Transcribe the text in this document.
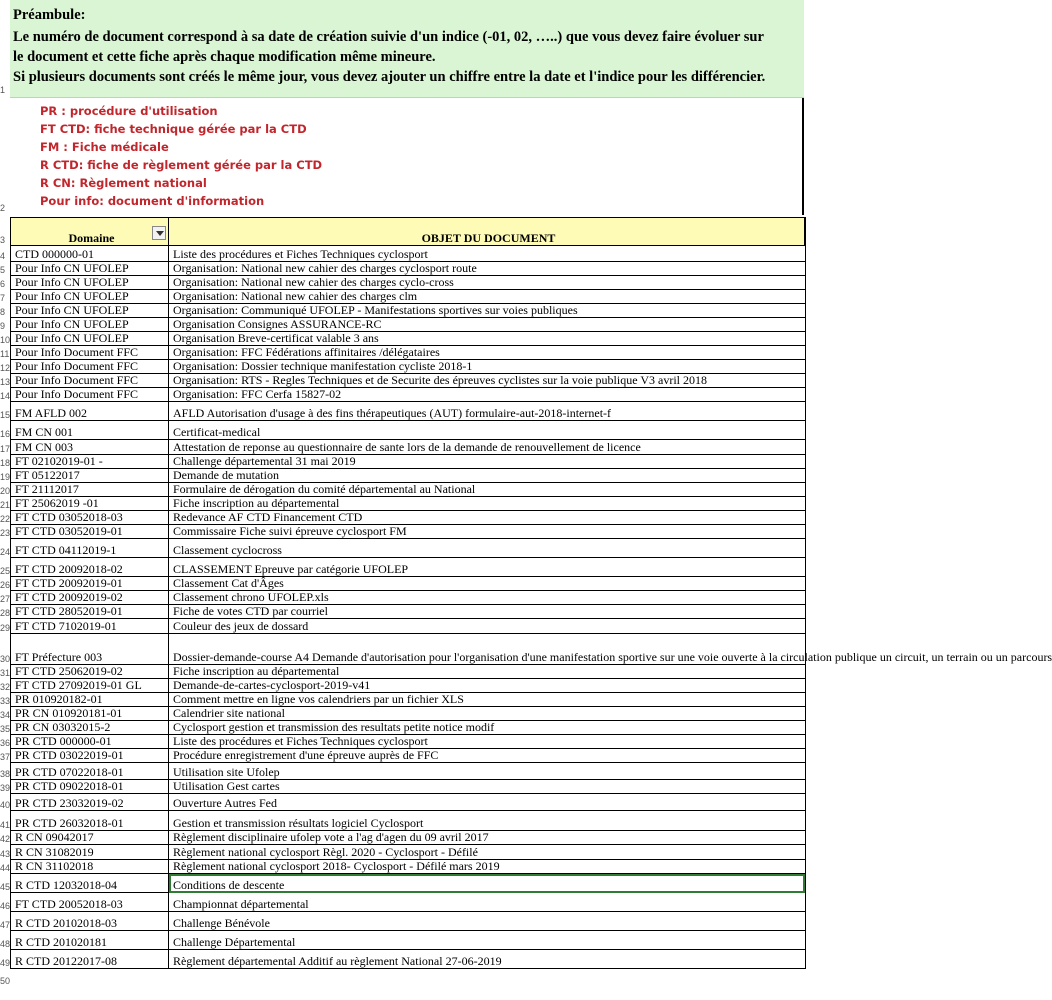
Préambule:
Le numéro de document correspond à sa date de création suivie d'un indice (-01, 02, …..) que vous devez faire évoluer sur
le document et cette fiche après chaque modification même mineure.
Si plusieurs documents sont créés le même jour, vous devez ajouter un chiffre entre la date et l'indice pour les différencier.
PR : procédure d'utilisation
FT CTD: fiche technique gérée par la CTD
FM : Fiche médicale
R CTD: fiche de règlement gérée par la CTD
R CN: Règlement national
Pour info: document d'information
Domaine	OBJET DU DOCUMENT
CTD 000000-01	Liste des procédures et Fiches Techniques cyclosport
Pour Info CN UFOLEP	Organisation: National new cahier des charges cyclosport route
Pour Info CN UFOLEP	Organisation: National new cahier des charges cyclo-cross
Pour Info CN UFOLEP	Organisation: National new cahier des charges clm
Pour Info CN UFOLEP	Organisation: Communiqué UFOLEP - Manifestations sportives sur voies publiques
Pour Info CN UFOLEP	Organisation Consignes ASSURANCE-RC
Pour Info CN UFOLEP	Organisation Breve-certificat valable 3 ans
Pour Info Document FFC	Organisation: FFC Fédérations affinitaires /délégataires
Pour Info Document FFC	Organisation: Dossier technique manifestation cycliste 2018-1
Pour Info Document FFC	Organisation: RTS - Regles Techniques et de Securite des épreuves cyclistes sur la voie publique V3 avril 2018
Pour Info Document FFC	Organisation: FFC Cerfa 15827-02
FM AFLD 002	AFLD Autorisation d'usage à des fins thérapeutiques (AUT) formulaire-aut-2018-internet-f
FM CN 001	Certificat-medical
FM CN 003	Attestation de reponse au questionnaire de sante lors de la demande de renouvellement de licence
FT 02102019-01 -	Challenge départemental 31 mai 2019
FT 05122017	Demande de mutation
FT 21112017	Formulaire de dérogation du comité départemental au National
FT 25062019 -01	Fiche inscription au départemental
FT CTD 03052018-03	Redevance AF CTD Financement CTD
FT CTD 03052019-01	Commissaire Fiche suivi épreuve cyclosport FM
FT CTD 04112019-1	Classement cyclocross
FT CTD 20092018-02	CLASSEMENT Epreuve par catégorie UFOLEP
FT CTD 20092019-01	Classement Cat d'Âges
FT CTD 20092019-02	Classement chrono UFOLEP.xls
FT CTD 28052019-01	Fiche de votes CTD par courriel
FT CTD 7102019-01	Couleur des jeux de dossard
FT Préfecture 003	Dossier-demande-course A4 Demande d'autorisation pour l'organisation d'une manifestation sportive sur une voie ouverte à la circulation publique un circuit, un terrain ou un parcours
FT CTD 25062019-02	Fiche inscription au départemental
FT CTD 27092019-01 GL	Demande-de-cartes-cyclosport-2019-v41
PR 010920182-01	Comment mettre en ligne vos calendriers par un fichier XLS
PR CN 010920181-01	Calendrier site national
PR CN 03032015-2	Cyclosport gestion et transmission des resultats petite notice modif
PR CTD 000000-01	Liste des procédures et Fiches Techniques cyclosport
PR CTD 03022019-01	Procédure enregistrement d'une épreuve auprès de FFC
PR CTD 07022018-01	Utilisation site Ufolep
PR CTD 09022018-01	Utilisation Gest cartes
PR CTD 23032019-02	Ouverture Autres Fed
PR CTD 26032018-01	Gestion et transmission résultats logiciel Cyclosport
R CN 09042017	Règlement disciplinaire ufolep vote a l'ag d'agen du 09 avril 2017
R CN 31082019	Règlement national cyclosport Règl. 2020 - Cyclosport - Défilé
R CN 31102018	Règlement national cyclosport 2018- Cyclosport - Défilé mars 2019
R CTD 12032018-04	Conditions de descente
FT CTD 20052018-03	Championnat départemental
R CTD 20102018-03	Challenge Bénévole
R CTD 201020181	Challenge Départemental
R CTD 20122017-08	Règlement départemental Additif au règlement National 27-06-2019
1
2
3
4
5
6
7
8
9
10
11
12
13
14
15
16
17
18
19
20
21
22
23
24
25
26
27
28
29
30
31
32
33
34
35
36
37
38
39
40
41
42
43
44
45
46
47
48
49
50
